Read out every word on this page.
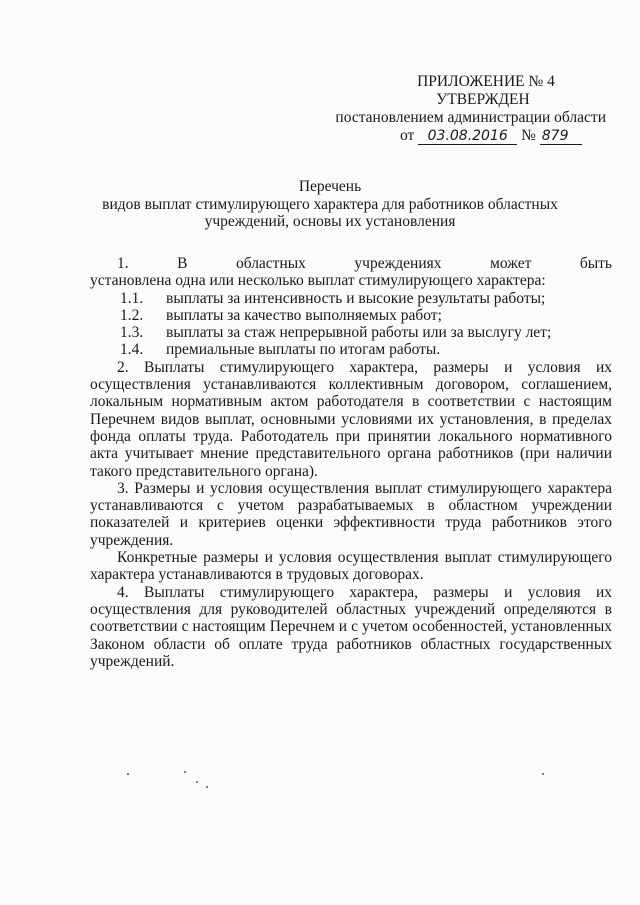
ПРИЛОЖЕНИЕ № 4
УТВЕРЖДЕН
постановлением администрации области
от 03.08.2016 № 879
Перечень
видов выплат стимулирующего характера для работников областных
учреждений, основы их установления
1.	В	областных	учреждениях	может	быть

установлена одна или несколько выплат стимулирующего характера:

1.1.	выплаты за интенсивность и высокие результаты работы;
1.2.	выплаты за качество выполняемых работ;
1.3.	выплаты за стаж непрерывной работы или за выслугу лет;
1.4.	премиальные выплаты по итогам работы.

2. Выплаты стимулирующего характера, размеры и условия их осуществления устанавливаются коллективным договором, соглашением, локальным нормативным актом работодателя в соответствии с настоящим Перечнем видов выплат, основными условиями их установления, в пределах фонда оплаты труда. Работодатель при принятии локального нормативного акта учитывает мнение представительного органа работников (при наличии такого представительного органа).

3. Размеры и условия осуществления выплат стимулирующего характера устанавливаются с учетом разрабатываемых в областном учреждении показателей и критериев оценки эффективности труда работников этого учреждения.

Конкретные размеры и условия осуществления выплат стимулирующего характера устанавливаются в трудовых договорах.

4. Выплаты стимулирующего характера, размеры и условия их осуществления для руководителей областных учреждений определяются в соответствии с настоящим Перечнем и с учетом особенностей, установленных Законом области об оплате труда работников областных государственных учреждений.
